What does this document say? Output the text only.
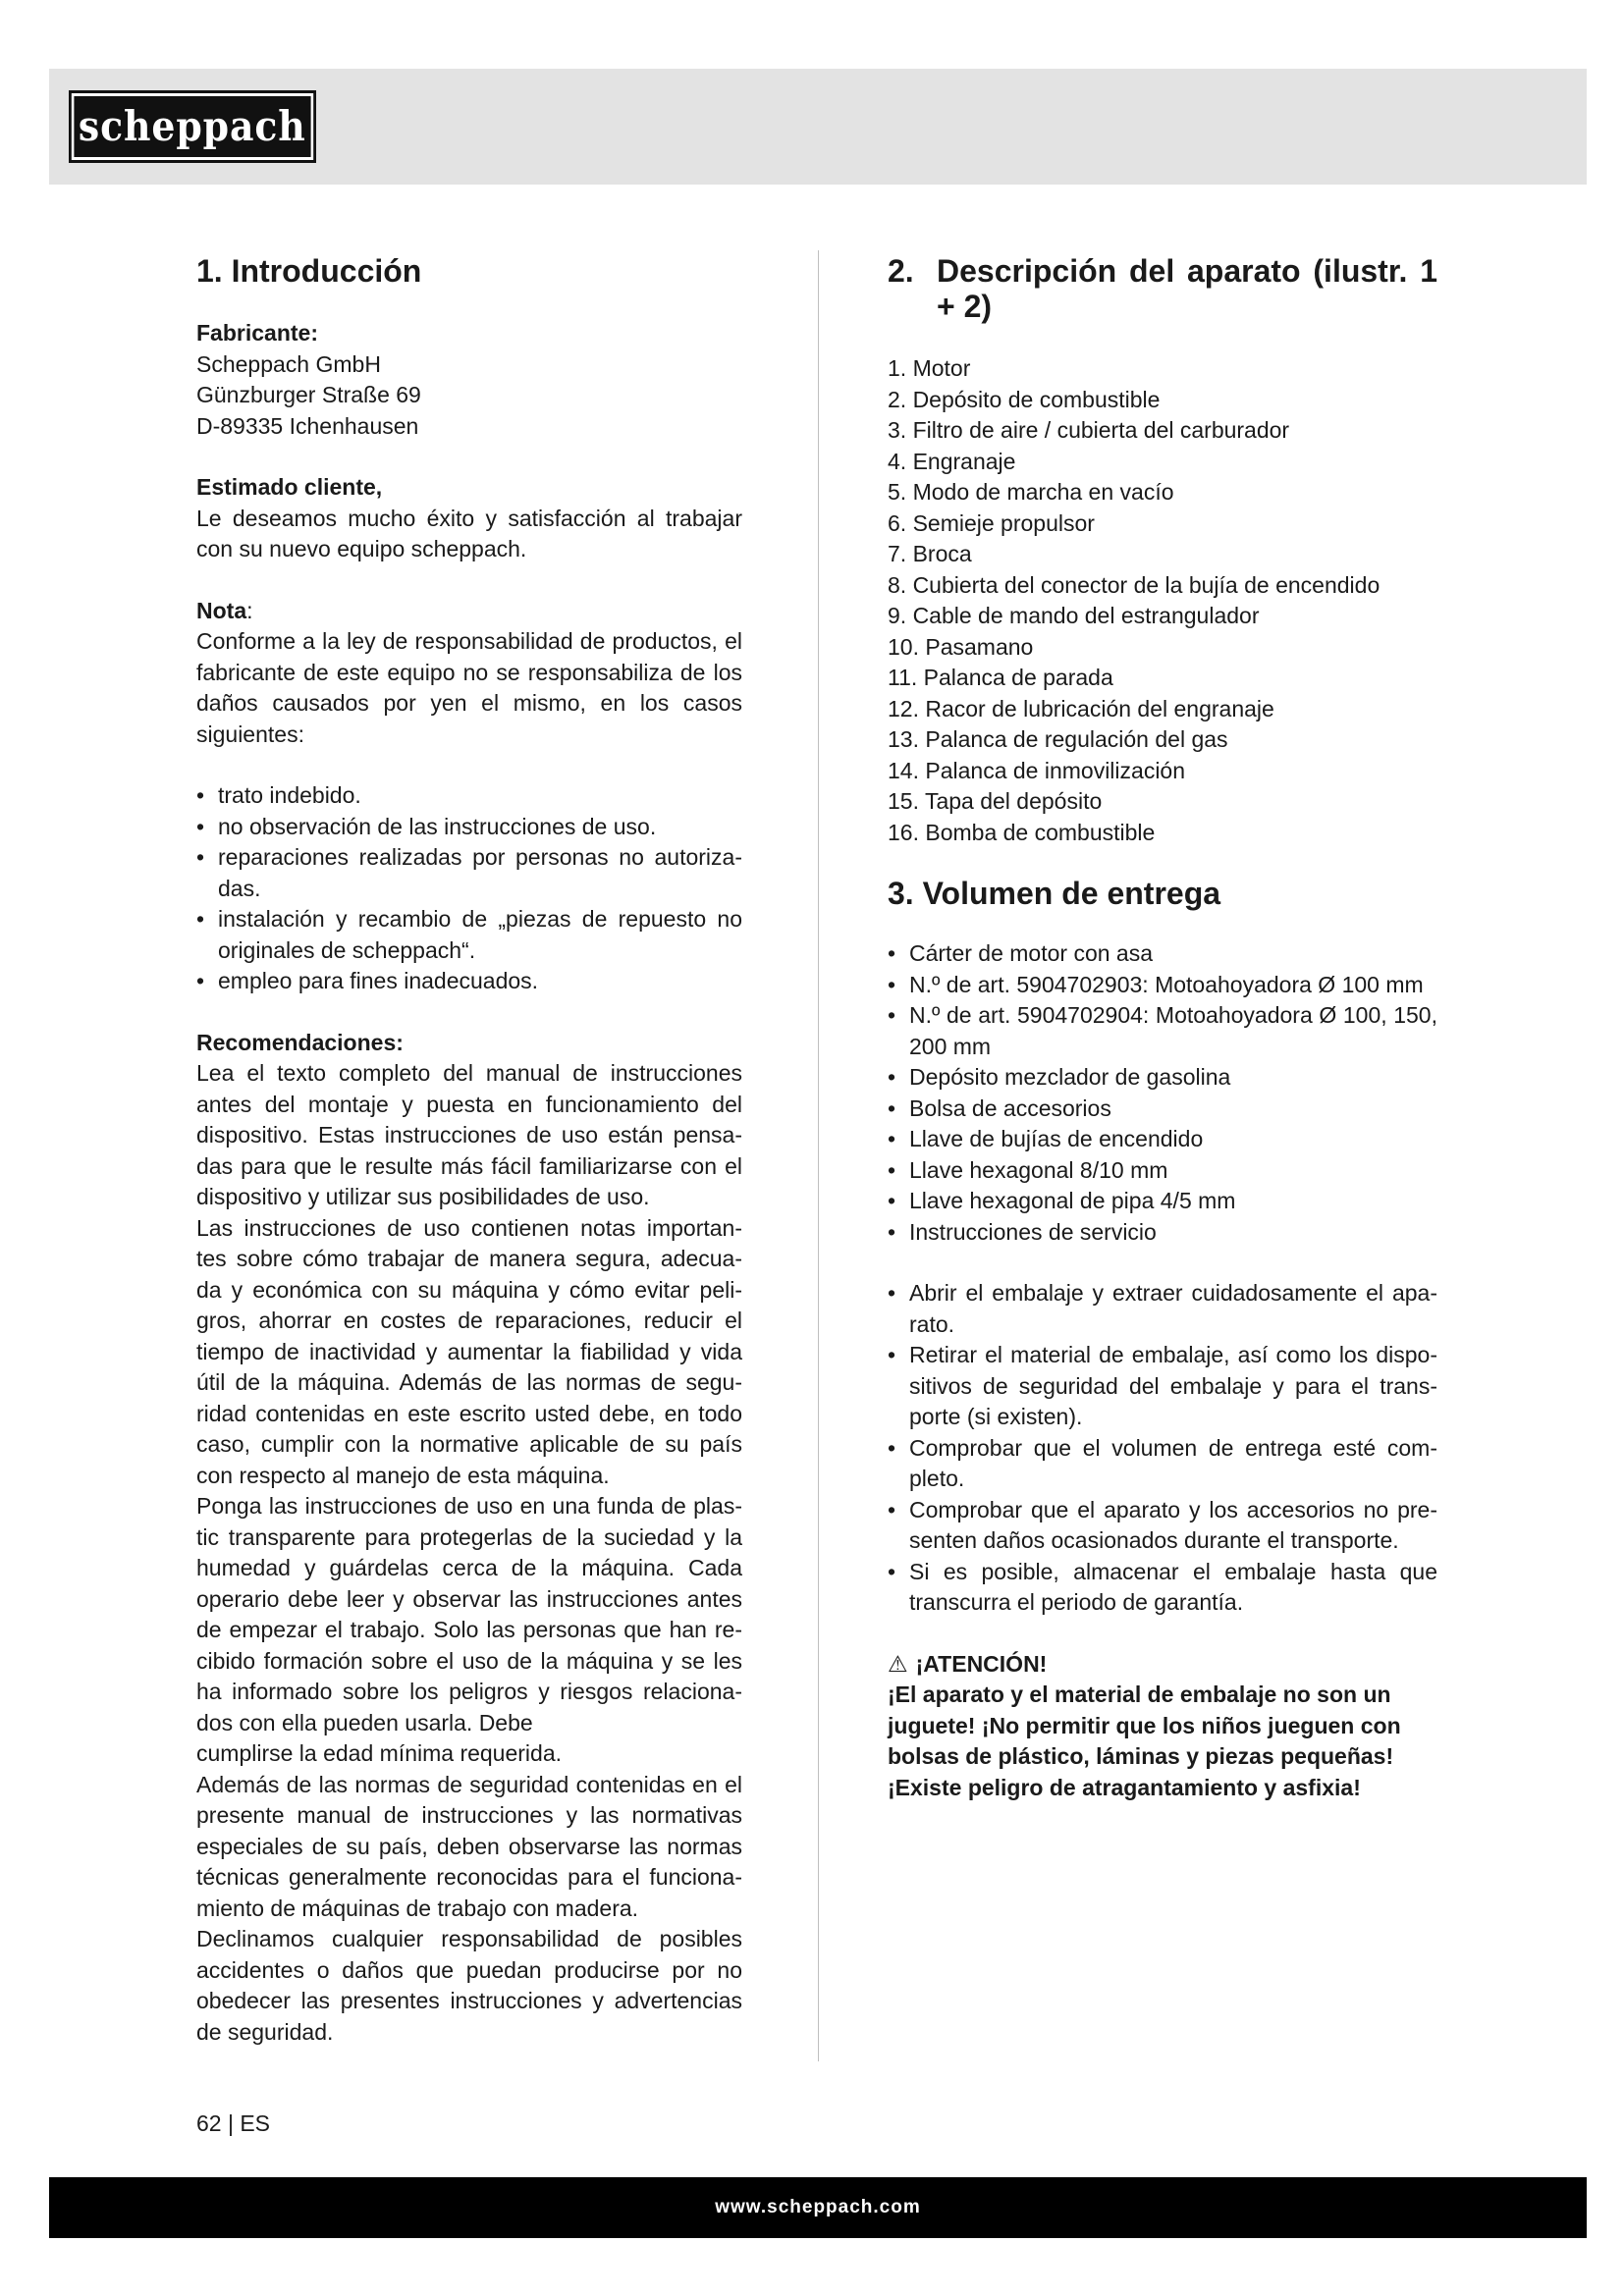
scheppach
1. Introducción

Fabricante:

Scheppach GmbH

Günzburger Straße 69

D-89335 Ichenhausen

Estimado cliente,

Le deseamos mucho éxito y satisfacción al trabajar con su nuevo equipo scheppach.

Nota:

Conforme a la ley de responsabilidad de productos, el fabricante de este equipo no se responsabiliza de los daños causados por yen el mismo, en los casos siguientes:

• trato indebido.
• no observación de las instrucciones de uso.
• reparaciones realizadas por personas no autoriza-das.
• instalación y recambio de „piezas de repuesto no originales de scheppach“.
• empleo para fines inadecuados.

Recomendaciones:

Lea el texto completo del manual de instrucciones antes del montaje y puesta en funcionamiento del dispositivo. Estas instrucciones de uso están pensa-das para que le resulte más fácil familiarizarse con el dispositivo y utilizar sus posibilidades de uso.

Las instrucciones de uso contienen notas importan-tes sobre cómo trabajar de manera segura, adecua-da y económica con su máquina y cómo evitar peli-gros, ahorrar en costes de reparaciones, reducir el tiempo de inactividad y aumentar la fiabilidad y vida útil de la máquina. Además de las normas de segu-ridad contenidas en este escrito usted debe, en todo caso, cumplir con la normative aplicable de su país con respecto al manejo de esta máquina.

Ponga las instrucciones de uso en una funda de plas-tic transparente para protegerlas de la suciedad y la humedad y guárdelas cerca de la máquina. Cada operario debe leer y observar las instrucciones antes de empezar el trabajo. Solo las personas que han re-cibido formación sobre el uso de la máquina y se les ha informado sobre los peligros y riesgos relaciona-dos con ella pueden usarla. Debe

cumplirse la edad mínima requerida.

Además de las normas de seguridad contenidas en el presente manual de instrucciones y las normativas especiales de su país, deben observarse las normas técnicas generalmente reconocidas para el funciona-miento de máquinas de trabajo con madera.

Declinamos cualquier responsabilidad de posibles accidentes o daños que puedan producirse por no obedecer las presentes instrucciones y advertencias de seguridad.

2. Descripción del aparato (ilustr. 1 + 2)
1. Motor
2. Depósito de combustible
3. Filtro de aire / cubierta del carburador
4. Engranaje
5. Modo de marcha en vacío
6. Semieje propulsor
7. Broca
8. Cubierta del conector de la bujía de encendido
9. Cable de mando del estrangulador
10. Pasamano
11. Palanca de parada
12. Racor de lubricación del engranaje
13. Palanca de regulación del gas
14. Palanca de inmovilización
15. Tapa del depósito
16. Bomba de combustible
3. Volumen de entrega
• Cárter de motor con asa
• N.º de art. 5904702903: Motoahoyadora Ø 100 mm
• N.º de art. 5904702904: Motoahoyadora Ø 100, 150, 200 mm
• Depósito mezclador de gasolina
• Bolsa de accesorios
• Llave de bujías de encendido
• Llave hexagonal 8/10 mm
• Llave hexagonal de pipa 4/5 mm
• Instrucciones de servicio
• Abrir el embalaje y extraer cuidadosamente el apa-rato.
• Retirar el material de embalaje, así como los dispo-sitivos de seguridad del embalaje y para el trans-porte (si existen).
• Comprobar que el volumen de entrega esté com-pleto.
• Comprobar que el aparato y los accesorios no pre-senten daños ocasionados durante el transporte.
• Si es posible, almacenar el embalaje hasta que transcurra el periodo de garantía.

⚠ ¡ATENCIÓN!

¡El aparato y el material de embalaje no son un juguete! ¡No permitir que los niños jueguen con bolsas de plástico, láminas y piezas pequeñas! ¡Existe peligro de atragantamiento y asfixia!

62 | ES
www.scheppach.com
